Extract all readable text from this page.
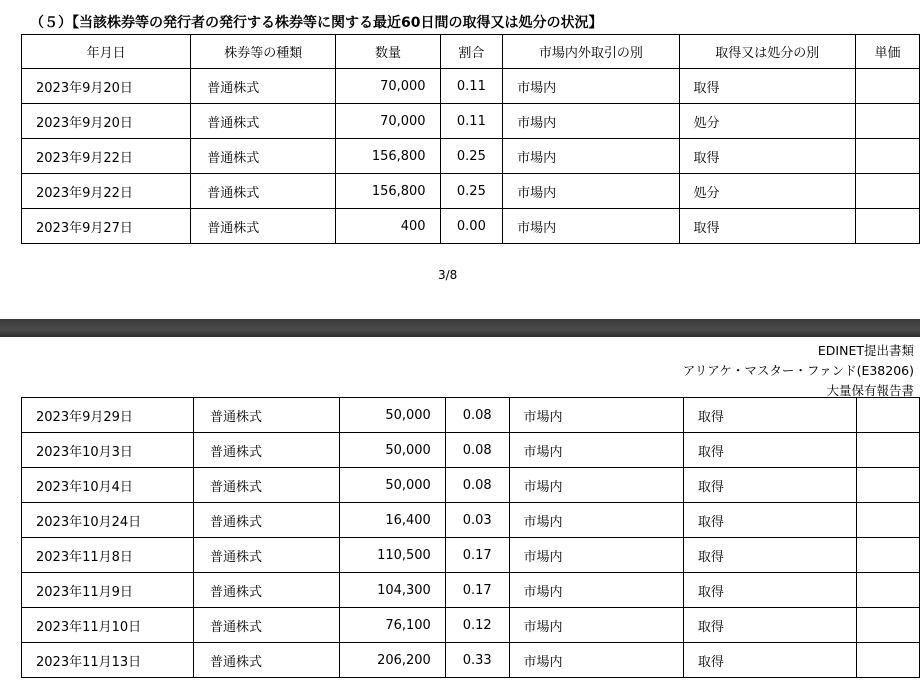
（５）【当該株券等の発行者の発行する株券等に関する最近60日間の取得又は処分の状況】
年月日	株券等の種類	数量	割合	市場内外取引の別	取得又は処分の別	単価
2023年9月20日	普通株式	70,000	0.11	市場内	取得	
2023年9月20日	普通株式	70,000	0.11	市場内	処分	
2023年9月22日	普通株式	156,800	0.25	市場内	取得	
2023年9月22日	普通株式	156,800	0.25	市場内	処分	
2023年9月27日	普通株式	400	0.00	市場内	取得	
3/8
EDINET提出書類
アリアケ・マスター・ファンド(E38206)
大量保有報告書
2023年9月29日	普通株式	50,000	0.08	市場内	取得	
2023年10月3日	普通株式	50,000	0.08	市場内	取得	
2023年10月4日	普通株式	50,000	0.08	市場内	取得	
2023年10月24日	普通株式	16,400	0.03	市場内	取得	
2023年11月8日	普通株式	110,500	0.17	市場内	取得	
2023年11月9日	普通株式	104,300	0.17	市場内	取得	
2023年11月10日	普通株式	76,100	0.12	市場内	取得	
2023年11月13日	普通株式	206,200	0.33	市場内	取得	
